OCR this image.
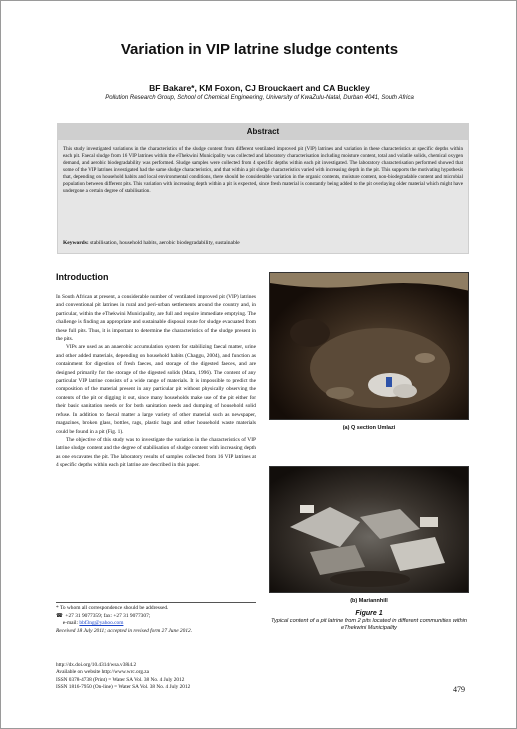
Variation in VIP latrine sludge contents
BF Bakare*, KM Foxon, CJ Brouckaert and CA Buckley
Pollution Research Group, School of Chemical Engineering, University of KwaZulu-Natal, Durban 4041, South Africa
Abstract
This study investigated variations in the characteristics of the sludge content from different ventilated improved pit (VIP) latrines and variation in these characteristics at specific depths within each pit. Faecal sludge from 16 VIP latrines within the eThekwini Municipality was collected and laboratory characterisation including moisture content, total and volatile solids, chemical oxygen demand, and aerobic biodegradability was performed. Sludge samples were collected from 4 specific depths within each pit investigated. The laboratory characterisation performed showed that some of the VIP latrines investigated had the same sludge characteristics, and that within a pit sludge characteristics varied with increasing depth in the pit. This supports the motivating hypothesis that, depending on household habits and local environmental conditions, there should be considerable variation in the organic contents, moisture content, non-biodegradable content and microbial population between different pits. This variation with increasing depth within a pit is expected, since fresh material is constantly being added to the pit overlaying older material which might have undergone a certain degree of stabilisation.
Keywords: stabilisation, household habits, aerobic biodegradability, sustainable
Introduction

In South African at present, a considerable number of ventilated improved pit (VIP) latrines and conventional pit latrines in rural and peri-urban settlements around the country and, in particular, within the eThekwini Municipality, are full and require immediate emptying. The challenge is finding an appropriate and sustainable disposal route for sludge evacuated from these full pits. Thus, it is important to determine the characteristics of the sludge present in the pits.

VIPs are used as an anaerobic accumulation system for stabilizing faecal matter, urine and other added materials, depending on household habits (Chaggu, 2004), and function as containment for digestion of fresh faeces, and storage of the digested faeces, and are designed primarily for the storage of the digested solids (Mara, 1996). The content of any particular VIP latrine consists of a wide range of materials. It is impossible to predict the composition of the material present in any particular pit without physically observing the contents of the pit or digging it out, since many households make use of the pit either for their basic sanitation needs or for both sanitation needs and dumping of household solid refuse. In addition to faecal matter a large variety of other material such as newspaper, magazines, broken glass, bottles, rags, plastic bags and other household waste materials could be found in a pit (Fig. 1).

The objective of this study was to investigate the variation in the characteristics of VIP latrine sludge content and the degree of stabilisation of sludge content with increasing depth as one excavates the pit. The laboratory results of samples collected from 16 VIP latrines at 4 specific depths within each pit latrine are described in this paper.

(a) Q section Umlazi
(b) Mariannhill
Figure 1
Typical content of a pit latrine from 2 pits located in different communities within eThekwini Municipality
* To whom all correspondence should be addressed.
☎  +27 31 9077359; fax: +27 31 9077307;
e-mail: bbf3ng@yahoo.com
Received 18 July 2011; accepted in revised form 27 June 2012.
http://dx.doi.org/10.4314/wsa.v38i4.2
Available on website http://www.wrc.org.za
ISSN 0378-4738 (Print) = Water SA Vol. 38 No. 4 July 2012
ISSN 1816-7950 (On-line) = Water SA Vol. 38 No. 4 July 2012	479
